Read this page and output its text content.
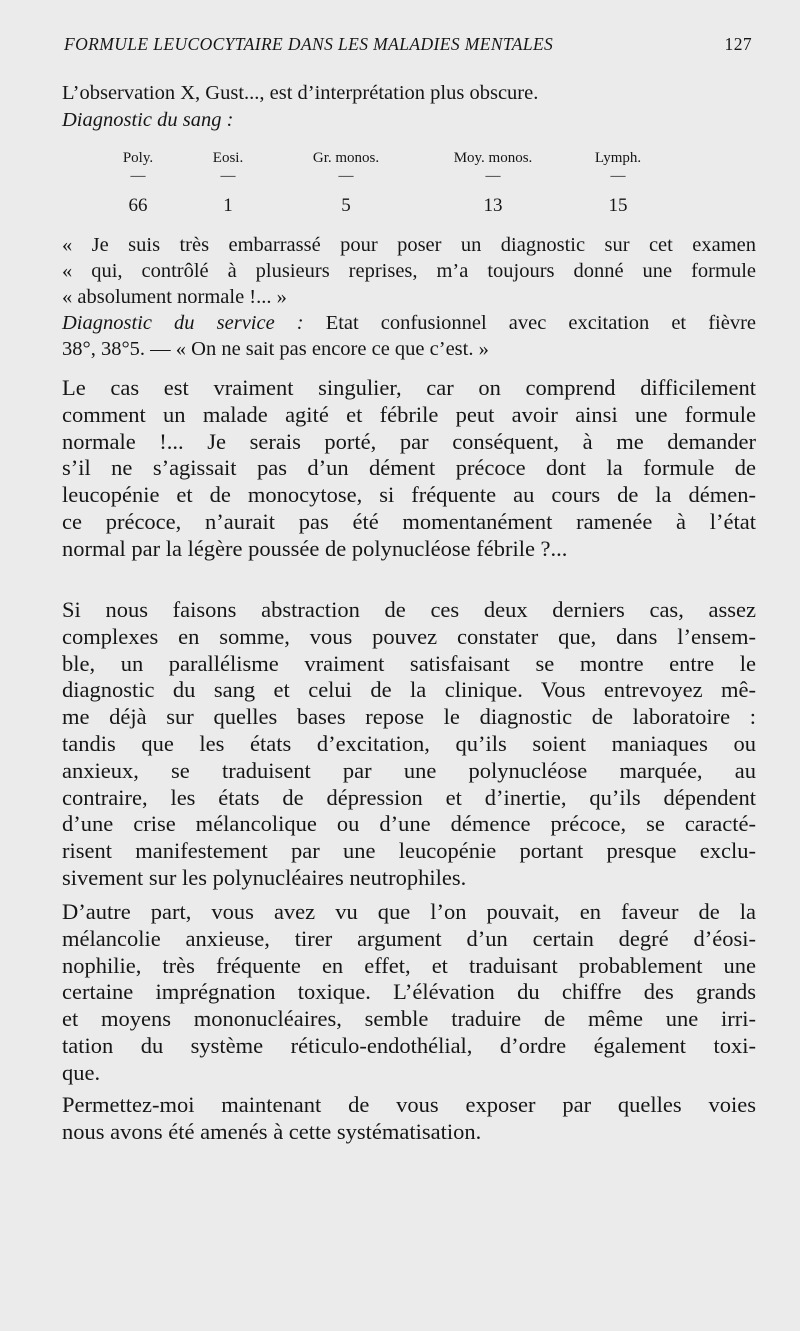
FORMULE LEUCOCYTAIRE DANS LES MALADIES MENTALES	127
L’observation X, Gust..., est d’interprétation plus obscure.
Diagnostic du sang :
Poly.
—
66
Eosi.
—
1
Gr. monos.
—
5
Moy. monos.
—
13
Lymph.
—
15
« Je suis très embarrassé pour poser un diagnostic sur cet examen
« qui, contrôlé à plusieurs reprises, m’a toujours donné une formule
« absolument normale !... »
Diagnostic du service : Etat confusionnel avec excitation et fièvre
38°, 38°5. — « On ne sait pas encore ce que c’est. »
Le cas est vraiment singulier, car on comprend difficilement
comment un malade agité et fébrile peut avoir ainsi une formule
normale !... Je serais porté, par conséquent, à me demander
s’il ne s’agissait pas d’un dément précoce dont la formule de
leucopénie et de monocytose, si fréquente au cours de la démen-
ce précoce, n’aurait pas été momentanément ramenée à l’état
normal par la légère poussée de polynucléose fébrile ?...
Si nous faisons abstraction de ces deux derniers cas, assez
complexes en somme, vous pouvez constater que, dans l’ensem-
ble, un parallélisme vraiment satisfaisant se montre entre le
diagnostic du sang et celui de la clinique. Vous entrevoyez mê-
me déjà sur quelles bases repose le diagnostic de laboratoire :
tandis que les états d’excitation, qu’ils soient maniaques ou
anxieux, se traduisent par une polynucléose marquée, au
contraire, les états de dépression et d’inertie, qu’ils dépendent
d’une crise mélancolique ou d’une démence précoce, se caracté-
risent manifestement par une leucopénie portant presque exclu-
sivement sur les polynucléaires neutrophiles.
D’autre part, vous avez vu que l’on pouvait, en faveur de la
mélancolie anxieuse, tirer argument d’un certain degré d’éosi-
nophilie, très fréquente en effet, et traduisant probablement une
certaine imprégnation toxique. L’élévation du chiffre des grands
et moyens mononucléaires, semble traduire de même une irri-
tation du système réticulo-endothélial, d’ordre également toxi-
que.
Permettez-moi maintenant de vous exposer par quelles voies
nous avons été amenés à cette systématisation.
